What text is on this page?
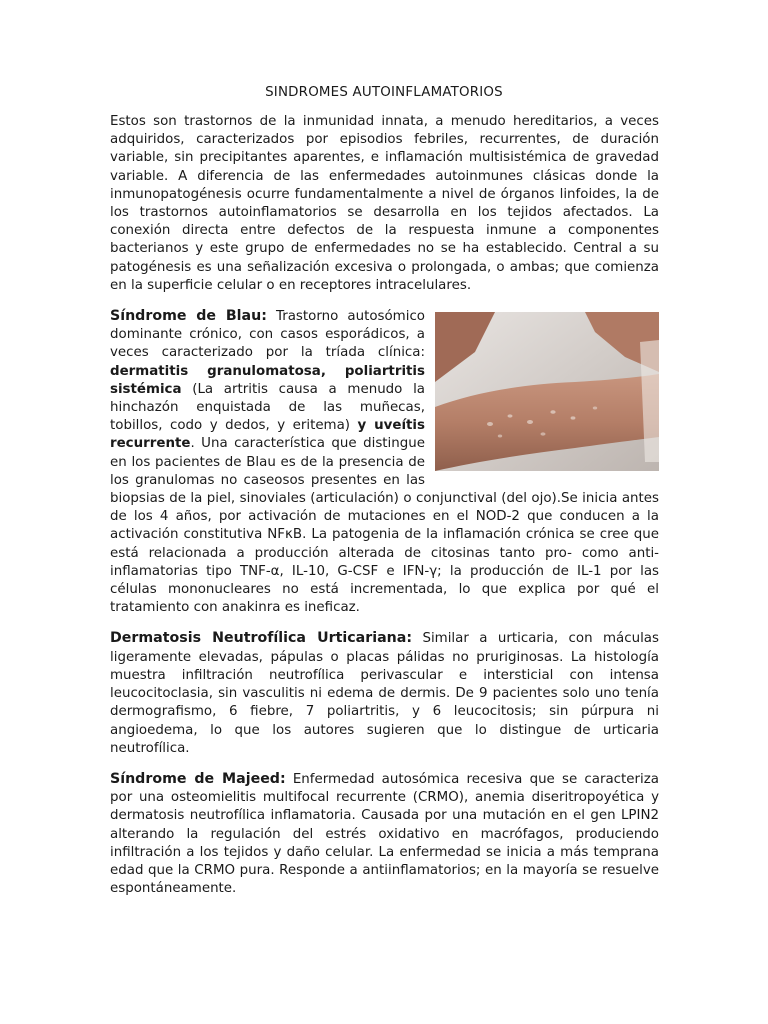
SINDROMES AUTOINFLAMATORIOS

Estos son trastornos de la inmunidad innata, a menudo hereditarios, a veces adquiridos, caracterizados por episodios febriles, recurrentes, de duración variable, sin precipitantes aparentes, e inflamación multisistémica de gravedad variable. A diferencia de las enfermedades autoinmunes clásicas donde la inmunopatogénesis ocurre fundamentalmente a nivel de órganos linfoides, la de los trastornos autoinflamatorios se desarrolla en los tejidos afectados. La conexión directa entre defectos de la respuesta inmune a componentes bacterianos y este grupo de enfermedades no se ha establecido. Central a su patogénesis es una señalización excesiva o prolongada, o ambas; que comienza en la superficie celular o en receptores intracelulares.

Síndrome de Blau: Trastorno autosómico dominante crónico, con casos esporádicos, a veces caracterizado por la tríada clínica: dermatitis granulomatosa, poliartritis sistémica (La artritis causa a menudo la hinchazón enquistada de las muñecas, tobillos, codo y dedos, y eritema) y uveítis recurrente. Una característica que distingue en los pacientes de Blau es de la presencia de los granulomas no caseosos presentes en las biopsias de la piel, sinoviales (articulación) o conjunctival (del ojo).Se inicia antes de los 4 años, por activación de mutaciones en el NOD-2 que conducen a la activación constitutiva NFκB. La patogenia de la inflamación crónica se cree que está relacionada a producción alterada de citosinas tanto pro- como anti-inflamatorias tipo TNF-α, IL-10, G-CSF e IFN-γ; la producción de IL-1 por las células mononucleares no está incrementada, lo que explica por qué el tratamiento con anakinra es ineficaz.

Dermatosis Neutrofílica Urticariana: Similar a urticaria, con máculas ligeramente elevadas, pápulas o placas pálidas no pruriginosas. La histología muestra infiltración neutrofílica perivascular e intersticial con intensa leucocitoclasia, sin vasculitis ni edema de dermis. De 9 pacientes solo uno tenía dermografismo, 6 fiebre, 7 poliartritis, y 6 leucocitosis; sin púrpura ni angioedema, lo que los autores sugieren que lo distingue de urticaria neutrofílica.

Síndrome de Majeed: Enfermedad autosómica recesiva que se caracteriza por una osteomielitis multifocal recurrente (CRMO), anemia diseritropoyética y dermatosis neutrofílica inflamatoria. Causada por una mutación en el gen LPIN2 alterando la regulación del estrés oxidativo en macrófagos, produciendo infiltración a los tejidos y daño celular. La enfermedad se inicia a más temprana edad que la CRMO pura. Responde a antiinflamatorios; en la mayoría se resuelve espontáneamente.
